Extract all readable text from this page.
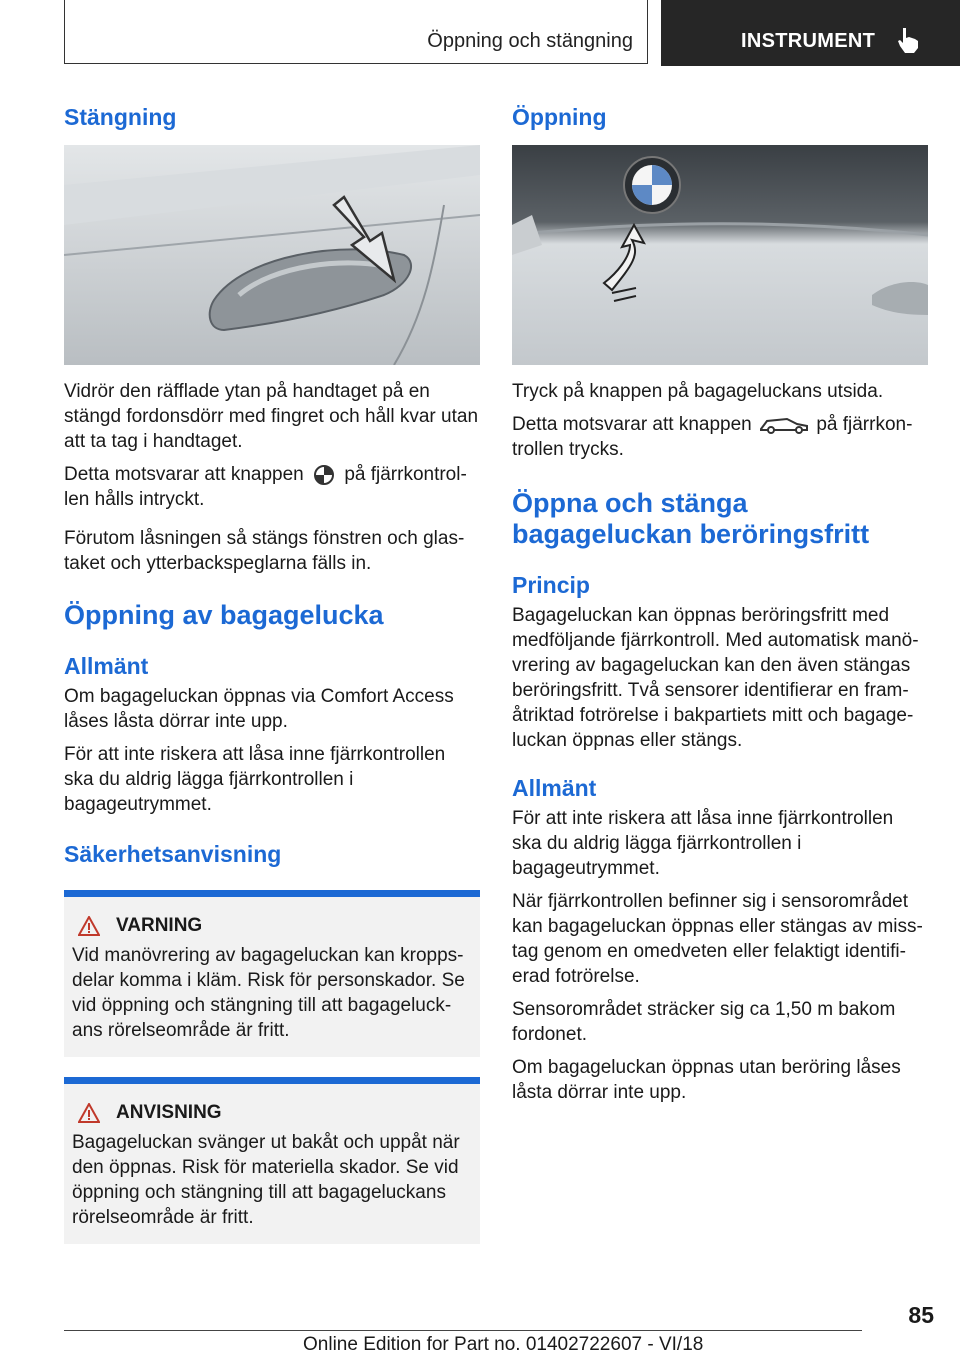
Öppning och stängning	INSTRUMENT
Stängning

Vidrör den räfflade ytan på handtaget på en stängd fordonsdörr med fingret och håll kvar utan att ta tag i handtaget.

Detta motsvarar att knappen på fjärrkontrol-len hålls intryckt.

Förutom låsningen så stängs fönstren och glas-taket och ytterbackspeglarna fälls in.

Öppning av bagagelucka
Allmänt

Om bagageluckan öppnas via Comfort Access låses låsta dörrar inte upp.

För att inte riskera att låsa inne fjärrkontrollen ska du aldrig lägga fjärrkontrollen i bagageutrymmet.

Säkerhetsanvisning
VARNING

Vid manövrering av bagageluckan kan kropps-delar komma i kläm. Risk för personskador. Se vid öppning och stängning till att bagageluck-ans rörelseområde är fritt.

ANVISNING

Bagageluckan svänger ut bakåt och uppåt när den öppnas. Risk för materiella skador. Se vid öppning och stängning till att bagageluckans rörelseområde är fritt.

Öppning

Tryck på knappen på bagageluckans utsida.

Detta motsvarar att knappen	på fjärrkon-trollen trycks.

Öppna och stänga bagageluckan beröringsfritt
Princip

Bagageluckan kan öppnas beröringsfritt med medföljande fjärrkontroll. Med automatisk manö-vrering av bagageluckan kan den även stängas beröringsfritt. Två sensorer identifierar en fram-åtriktad fotrörelse i bakpartiets mitt och bagage-luckan öppnas eller stängs.

Allmänt

För att inte riskera att låsa inne fjärrkontrollen ska du aldrig lägga fjärrkontrollen i bagageutrymmet.

När fjärrkontrollen befinner sig i sensorområdet kan bagageluckan öppnas eller stängas av miss-tag genom en omedveten eller felaktigt identifi-erad fotrörelse.

Sensorområdet sträcker sig ca 1,50 m bakom fordonet.

Om bagageluckan öppnas utan beröring låses låsta dörrar inte upp.

85
Online Edition for Part no. 01402722607 - VI/18
